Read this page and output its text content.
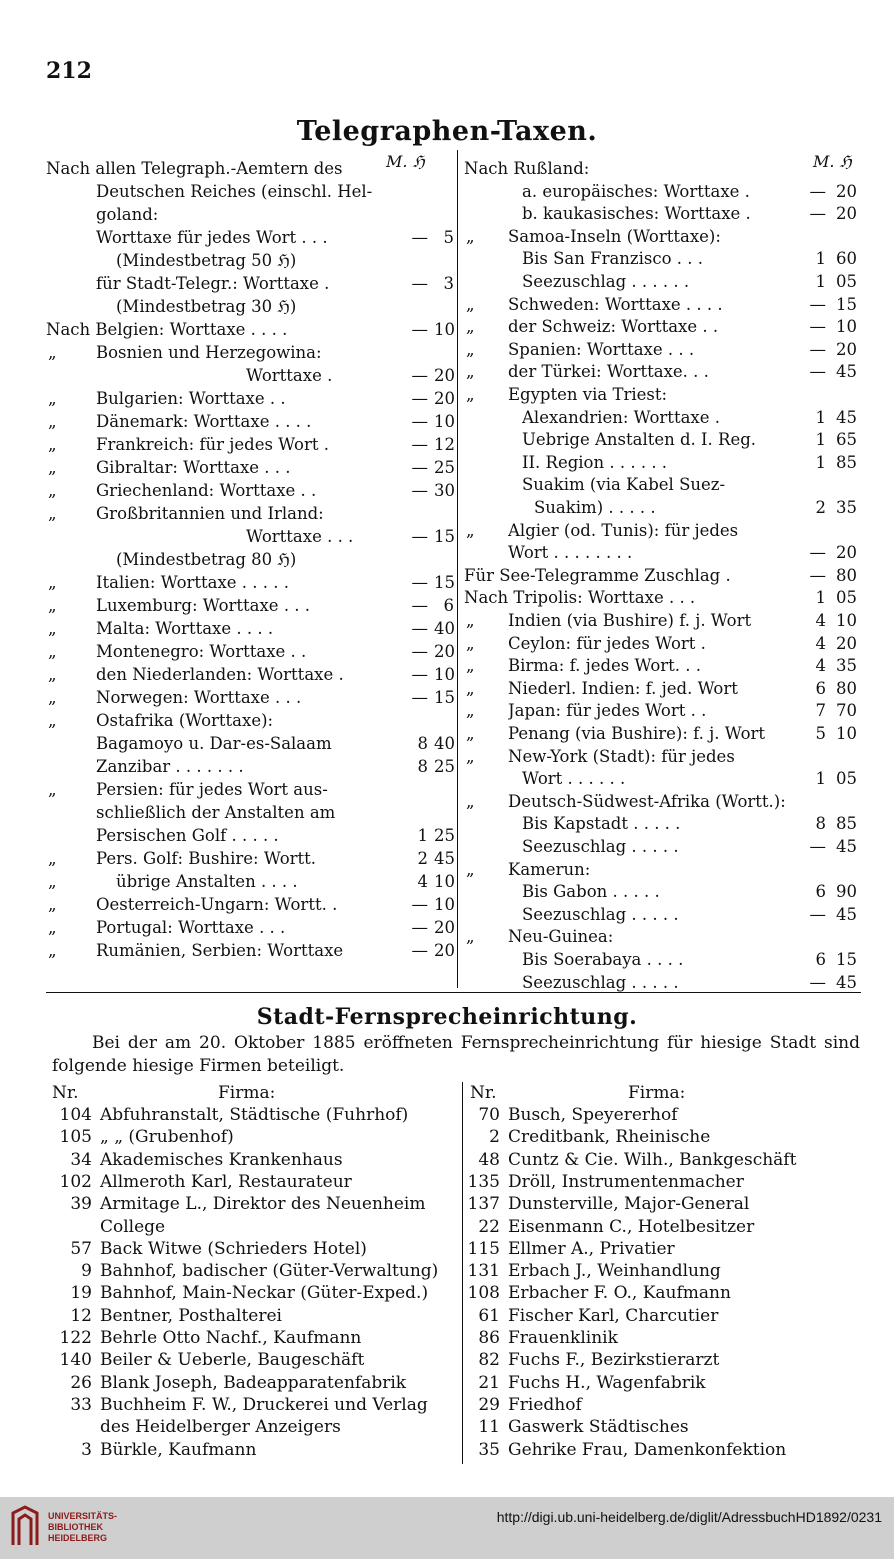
212
Telegraphen-Taxen.
M. ℌ	M. ℌ
Nach allen Telegraph.-Aemtern des
Deutschen Reiches (einschl. Hel-
goland:
Worttaxe für jedes Wort . . .	— 5
(Mindestbetrag 50 ℌ)
für Stadt-Telegr.: Worttaxe .	— 3
(Mindestbetrag 30 ℌ)
Nach Belgien: Worttaxe . . . .	— 10
„ Bosnien und Herzegowina:
Worttaxe .	— 20
„ Bulgarien: Worttaxe . .	— 20
„ Dänemark: Worttaxe . . . .	— 10
„ Frankreich: für jedes Wort .	— 12
„ Gibraltar: Worttaxe . . .	— 25
„ Griechenland: Worttaxe . .	— 30
„ Großbritannien und Irland:
Worttaxe . . .	— 15
(Mindestbetrag 80 ℌ)
„ Italien: Worttaxe . . . . .	— 15
„ Luxemburg: Worttaxe . . .	— 6
„ Malta: Worttaxe . . . .	— 40
„ Montenegro: Worttaxe . .	— 20
„ den Niederlanden: Worttaxe .	— 10
„ Norwegen: Worttaxe . . .	— 15
„ Ostafrika (Worttaxe):
Bagamoyo u. Dar-es-Salaam	8 40
Zanzibar . . . . . . .	8 25
„ Persien: für jedes Wort aus-
schließlich der Anstalten am
Persischen Golf . . . . .	1 25
„ Pers. Golf: Bushire: Wortt.	2 45
„	übrige Anstalten . . . .	4 10
„ Oesterreich-Ungarn: Wortt. .	— 10
„ Portugal: Worttaxe . . .	— 20
„ Rumänien, Serbien: Worttaxe	— 20
Nach Rußland:
a. europäisches: Worttaxe .	— 20
b. kaukasisches: Worttaxe .	— 20
„ Samoa-Inseln (Worttaxe):
Bis San Franzisco . . .	1 60
Seezuschlag . . . . . .	1 05
„ Schweden: Worttaxe . . . .	— 15
„ der Schweiz: Worttaxe . .	— 10
„ Spanien: Worttaxe . . .	— 20
„ der Türkei: Worttaxe. . .	— 45
„ Egypten via Triest:
Alexandrien: Worttaxe .	1 45
Uebrige Anstalten d. I. Reg.	1 65
II. Region . . . . . .	1 85
Suakim (via Kabel Suez-
Suakim) . . . . .	2 35
„ Algier (od. Tunis): für jedes
Wort . . . . . . . .	— 20
Für See-Telegramme Zuschlag .	— 80
Nach Tripolis: Worttaxe . . .	1 05
„ Indien (via Bushire) f. j. Wort	4 10
„ Ceylon: für jedes Wort .	4 20
„ Birma: f. jedes Wort. . .	4 35
„ Niederl. Indien: f. jed. Wort	6 80
„ Japan: für jedes Wort . .	7 70
„ Penang (via Bushire): f. j. Wort	5 10
„ New-York (Stadt): für jedes
Wort . . . . . .	1 05
„ Deutsch-Südwest-Afrika (Wortt.):
Bis Kapstadt . . . . .	8 85
Seezuschlag . . . . .	— 45
„ Kamerun:
Bis Gabon . . . . .	6 90
Seezuschlag . . . . .	— 45
„ Neu-Guinea:
Bis Soerabaya . . . .	6 15
Seezuschlag . . . . .	— 45
Stadt-Fernsprecheinrichtung.
Bei der am 20. Oktober 1885 eröffneten Fernsprecheinrichtung für hiesige Stadt sind folgende hiesige Firmen beteiligt.
Nr.	Firma:	Nr.	Firma:
104 Abfuhranstalt, Städtische (Fuhrhof)
105 „ „ (Grubenhof)
34 Akademisches Krankenhaus
102 Allmeroth Karl, Restaurateur
39 Armitage L., Direktor des Neuenheim
College
57 Back Witwe (Schrieders Hotel)
9 Bahnhof, badischer (Güter-Verwaltung)
19 Bahnhof, Main-Neckar (Güter-Exped.)
12 Bentner, Posthalterei
122 Behrle Otto Nachf., Kaufmann
140 Beiler & Ueberle, Baugeschäft
26 Blank Joseph, Badeapparatenfabrik
33 Buchheim F. W., Druckerei und Verlag
des Heidelberger Anzeigers
3 Bürkle, Kaufmann
70 Busch, Speyererhof
2 Creditbank, Rheinische
48 Cuntz & Cie. Wilh., Bankgeschäft
135 Dröll, Instrumentenmacher
137 Dunsterville, Major-General
22 Eisenmann C., Hotelbesitzer
115 Ellmer A., Privatier
131 Erbach J., Weinhandlung
108 Erbacher F. O., Kaufmann
61 Fischer Karl, Charcutier
86 Frauenklinik
82 Fuchs F., Bezirkstierarzt
21 Fuchs H., Wagenfabrik
29 Friedhof
11 Gaswerk Städtisches
35 Gehrike Frau, Damenkonfektion
UNIVERSITÄTS-
BIBLIOTHEK
HEIDELBERG
http://digi.ub.uni-heidelberg.de/diglit/AdressbuchHD1892/0231
